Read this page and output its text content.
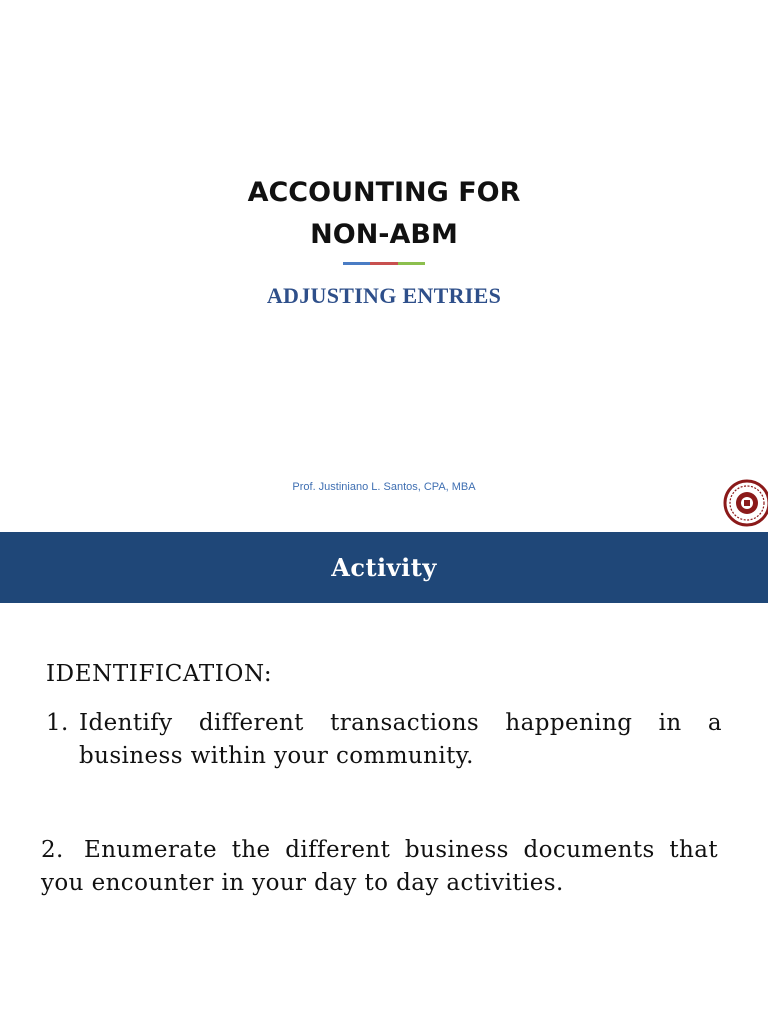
ACCOUNTING FOR
NON-ABM
ADJUSTING ENTRIES

Prof. Justiniano L. Santos, CPA, MBA

Activity

IDENTIFICATION:

1. Identify different transactions happening in a business within your community.
2. Enumerate the different business documents that you encounter in your day to day activities.
